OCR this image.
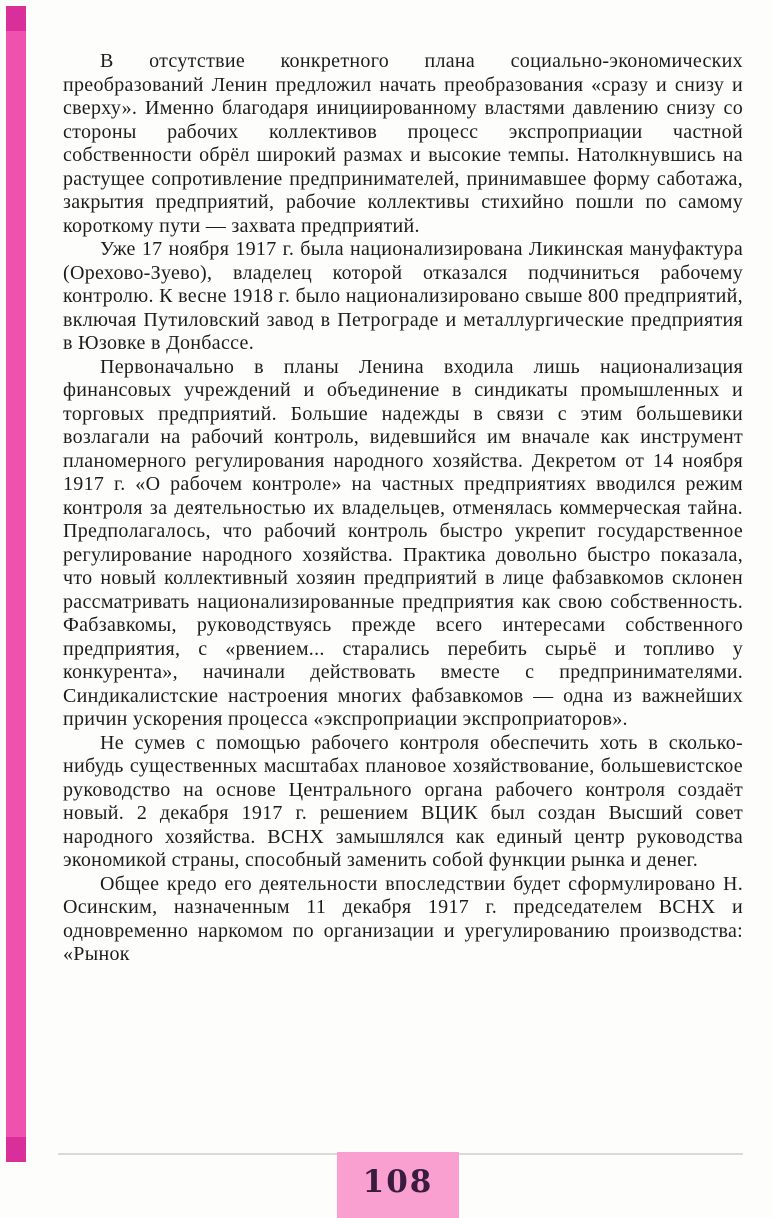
В отсутствие конкретного плана социально-экономических преобразований Ленин предложил начать преобразования «сразу и снизу и сверху». Именно благодаря инициированному властями давлению снизу со стороны рабочих коллективов процесс экспроприации частной собственности обрёл широкий размах и высокие темпы. Натолкнувшись на растущее сопротивление предпринимателей, принимавшее форму саботажа, закрытия предприятий, рабочие коллективы стихийно пошли по самому короткому пути — захвата предприятий.

Уже 17 ноября 1917 г. была национализирована Ликинская мануфактура (Орехово-Зуево), владелец которой отказался подчиниться рабочему контролю. К весне 1918 г. было национализировано свыше 800 предприятий, включая Путиловский завод в Петрограде и металлургические предприятия в Юзовке в Донбассе.

Первоначально в планы Ленина входила лишь национализация финансовых учреждений и объединение в синдикаты промышленных и торговых предприятий. Большие надежды в связи с этим большевики возлагали на рабочий контроль, видевшийся им вначале как инструмент планомерного регулирования народного хозяйства. Декретом от 14 ноября 1917 г. «О рабочем контроле» на частных предприятиях вводился режим контроля за деятельностью их владельцев, отменялась коммерческая тайна. Предполагалось, что рабочий контроль быстро укрепит государственное регулирование народного хозяйства. Практика довольно быстро показала, что новый коллективный хозяин предприятий в лице фабзавкомов склонен рассматривать национализированные предприятия как свою собственность. Фабзавкомы, руководствуясь прежде всего интересами собственного предприятия, с «рвением... старались перебить сырьё и топливо у конкурента», начинали действовать вместе с предпринимателями. Синдикалистские настроения многих фабзавкомов — одна из важнейших причин ускорения процесса «экспроприации экспроприаторов».

Не сумев с помощью рабочего контроля обеспечить хоть в сколько-нибудь существенных масштабах плановое хозяйствование, большевистское руководство на основе Центрального органа рабочего контроля создаёт новый. 2 декабря 1917 г. решением ВЦИК был создан Высший совет народного хозяйства. ВСНХ замышлялся как единый центр руководства экономикой страны, способный заменить собой функции рынка и денег.

Общее кредо его деятельности впоследствии будет сформулировано Н. Осинским, назначенным 11 декабря 1917 г. председателем ВСНХ и одновременно наркомом по организации и урегулированию производства: «Рынок

108
